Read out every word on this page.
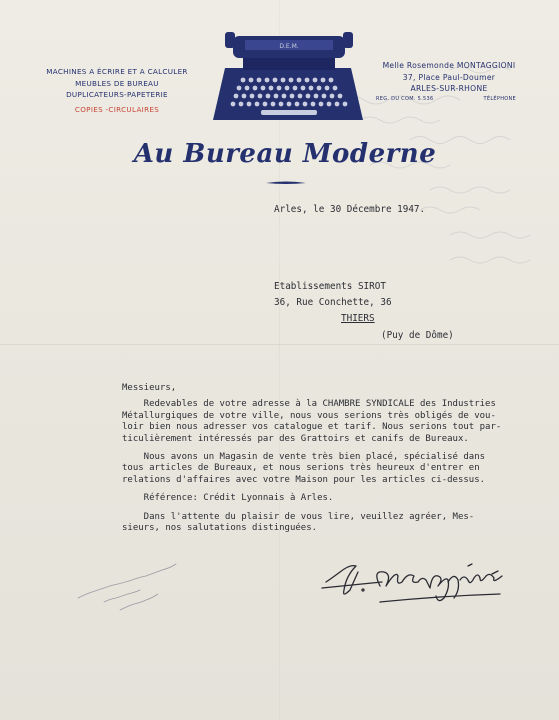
MACHINES A ÉCRIRE ET A CALCULER
MEUBLES DE BUREAU
DUPLICATEURS-PAPETERIE
COPIES -CIRCULAIRES
D.E.M.
Melle Rosemonde MONTAGGIONI
37, Place Paul-Doumer
ARLES-SUR-RHONE
REG. DU COM. 5.536	TÉLÉPHONE
Au Bureau Moderne
Arles, le 30 Décembre 1947.
Etablissements SIROT
36, Rue Conchette, 36
THIERS
(Puy de Dôme)

Messieurs,

Redevables de votre adresse à la CHAMBRE SYNDICALE des Industries

Métallurgiques de votre ville, nous vous serions très obligés de vou-

loir bien nous adresser vos catalogue et tarif. Nous serions tout par-

ticulièrement intéressés par des Grattoirs et canifs de Bureaux.

Nous avons un Magasin de vente très bien placé, spécialisé dans

tous articles de Bureaux, et nous serions très heureux d'entrer en

relations d'affaires avec votre Maison pour les articles ci-dessus.

Référence: Crédit Lyonnais à Arles.

Dans l'attente du plaisir de vous lire, veuillez agréer, Mes-

sieurs, nos salutations distinguées.
